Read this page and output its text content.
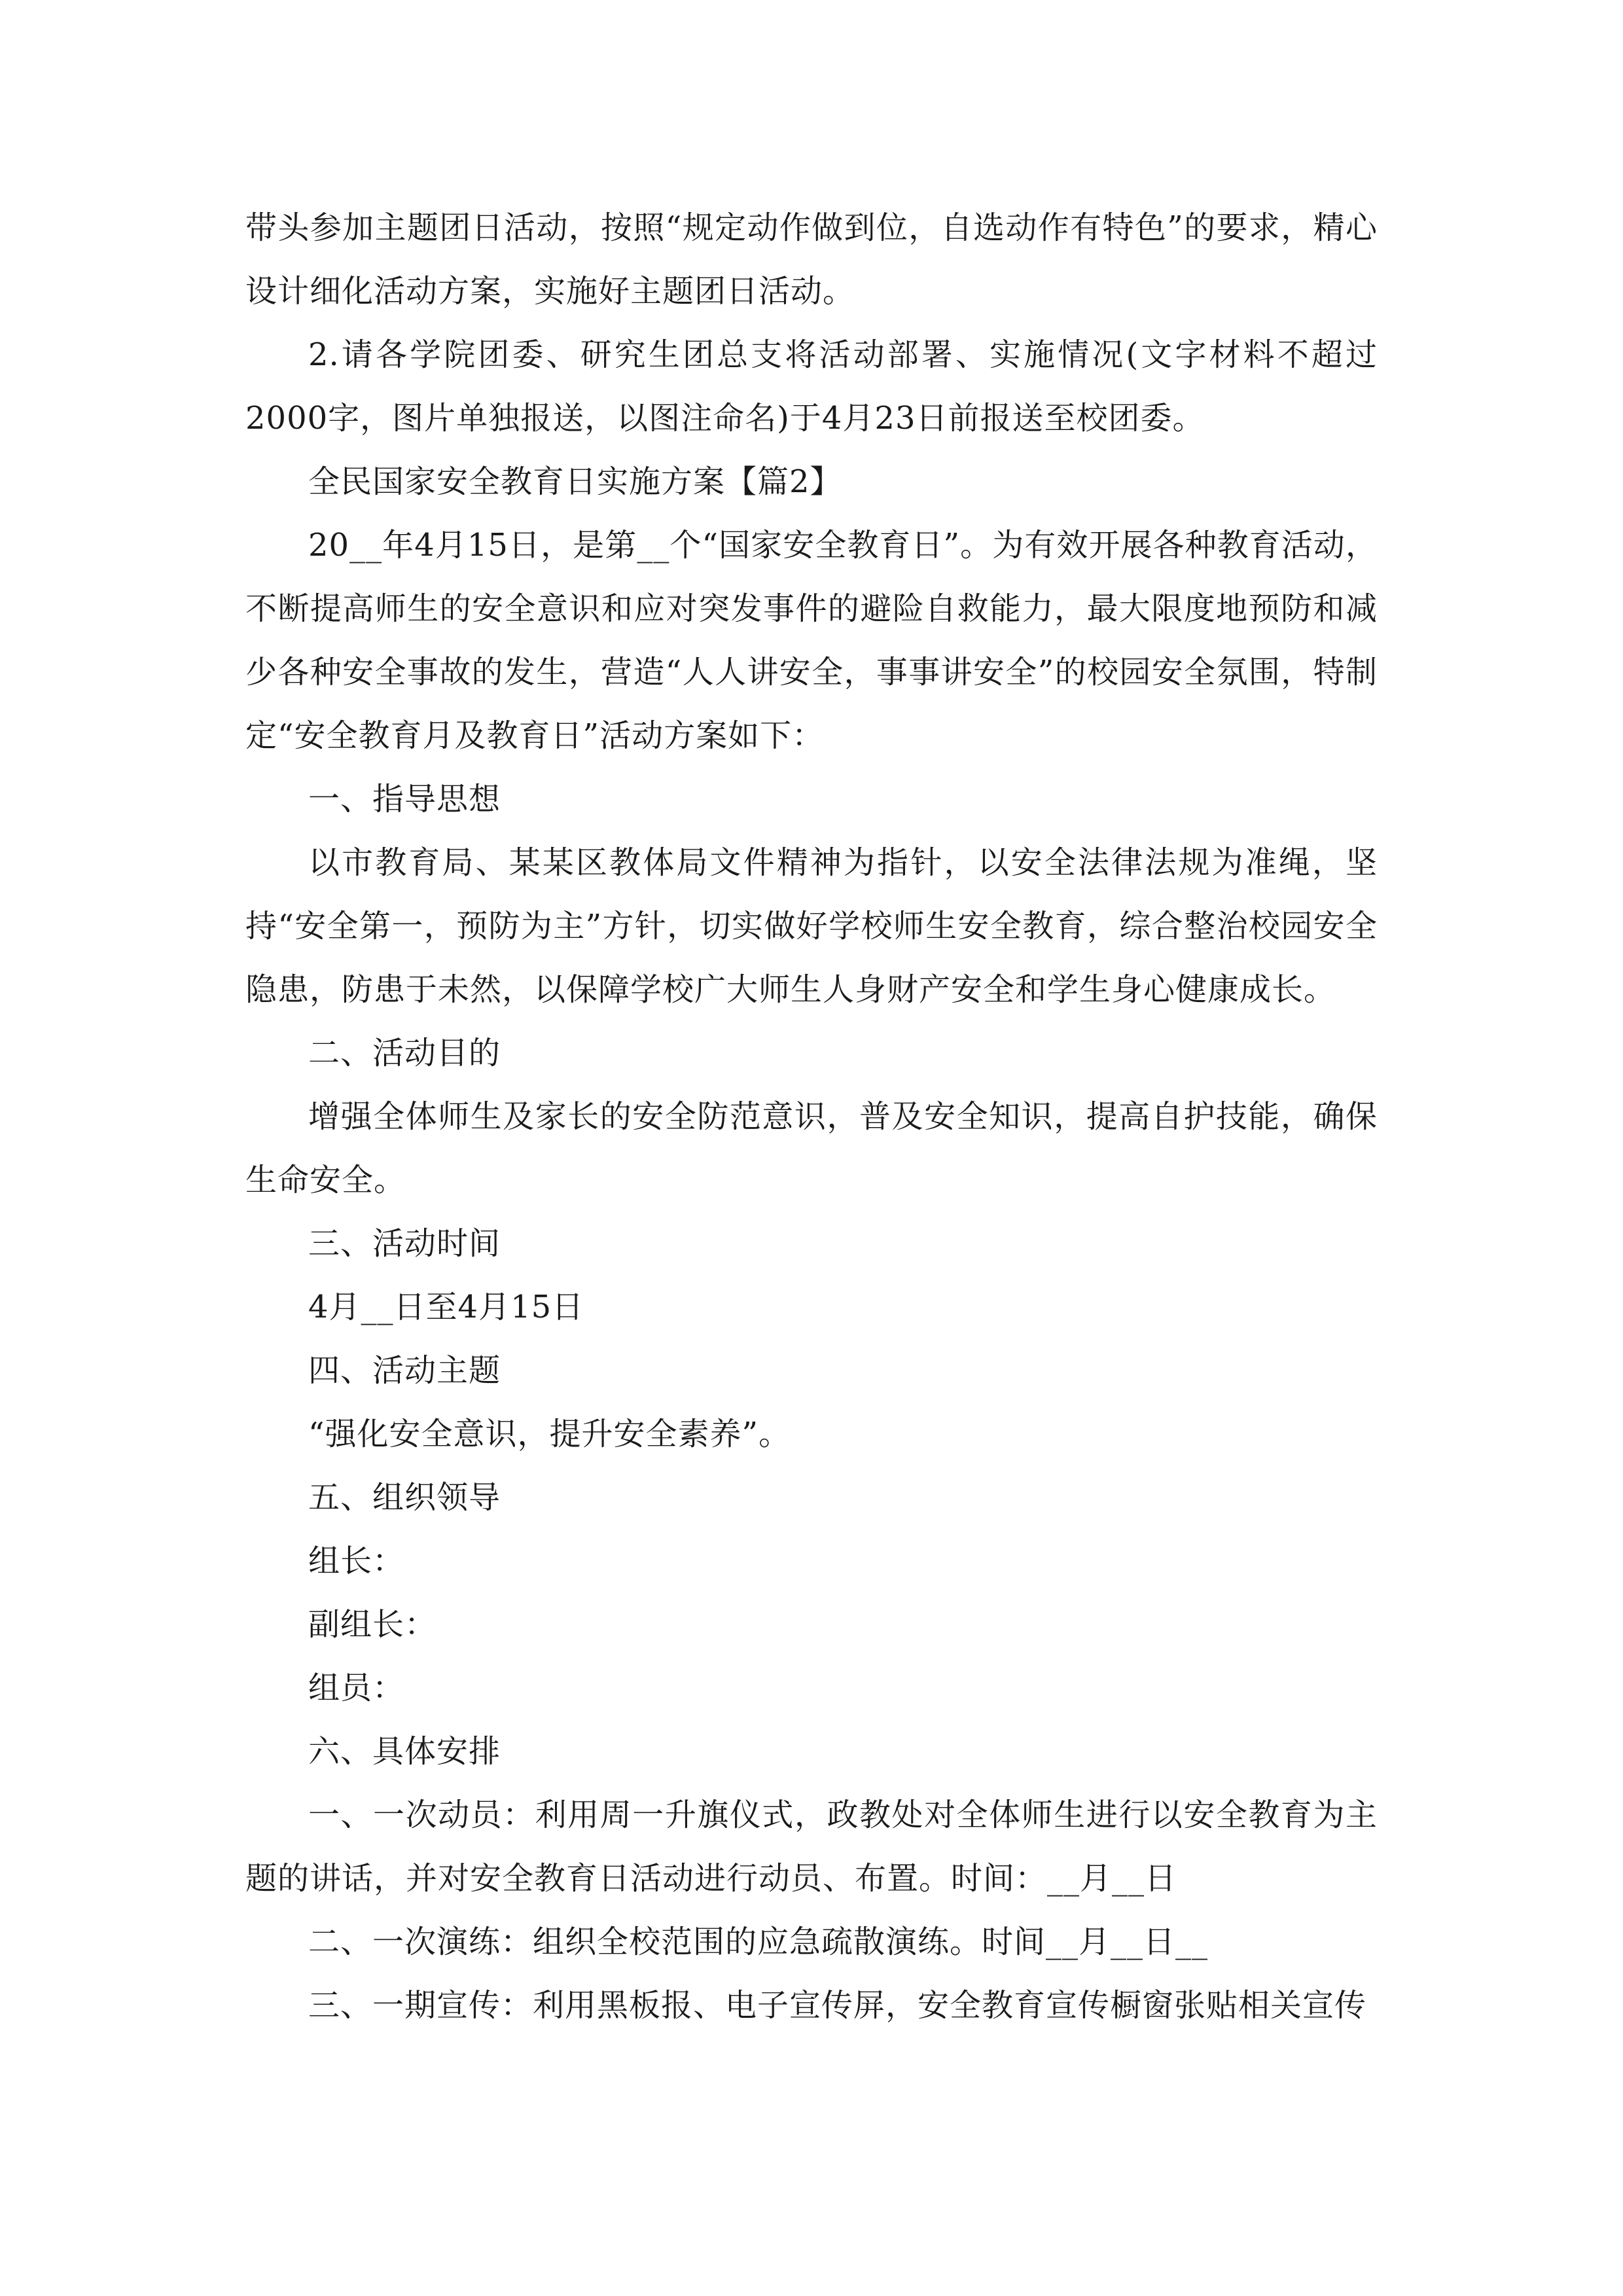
带头参加主题团日活动，按照“规定动作做到位，自选动作有特色”的要求，精心设计细化活动方案，实施好主题团日活动。

2.请各学院团委、研究生团总支将活动部署、实施情况(文字材料不超过2000字，图片单独报送，以图注命名)于4月23日前报送至校团委。

全民国家安全教育日实施方案【篇2】

20__年4月15日，是第__个“国家安全教育日”。为有效开展各种教育活动，不断提高师生的安全意识和应对突发事件的避险自救能力，最大限度地预防和减少各种安全事故的发生，营造“人人讲安全，事事讲安全”的校园安全氛围，特制定“安全教育月及教育日”活动方案如下：

一、指导思想

以市教育局、某某区教体局文件精神为指针，以安全法律法规为准绳，坚持“安全第一，预防为主”方针，切实做好学校师生安全教育，综合整治校园安全隐患，防患于未然，以保障学校广大师生人身财产安全和学生身心健康成长。

二、活动目的

增强全体师生及家长的安全防范意识，普及安全知识，提高自护技能，确保生命安全。

三、活动时间

4月__日至4月15日

四、活动主题

“强化安全意识，提升安全素养”。

五、组织领导

组长：

副组长：

组员：

六、具体安排

一、一次动员：利用周一升旗仪式，政教处对全体师生进行以安全教育为主题的讲话，并对安全教育日活动进行动员、布置。时间：__月__日

二、一次演练：组织全校范围的应急疏散演练。时间__月__日__

三、一期宣传：利用黑板报、电子宣传屏，安全教育宣传橱窗张贴相关宣传
